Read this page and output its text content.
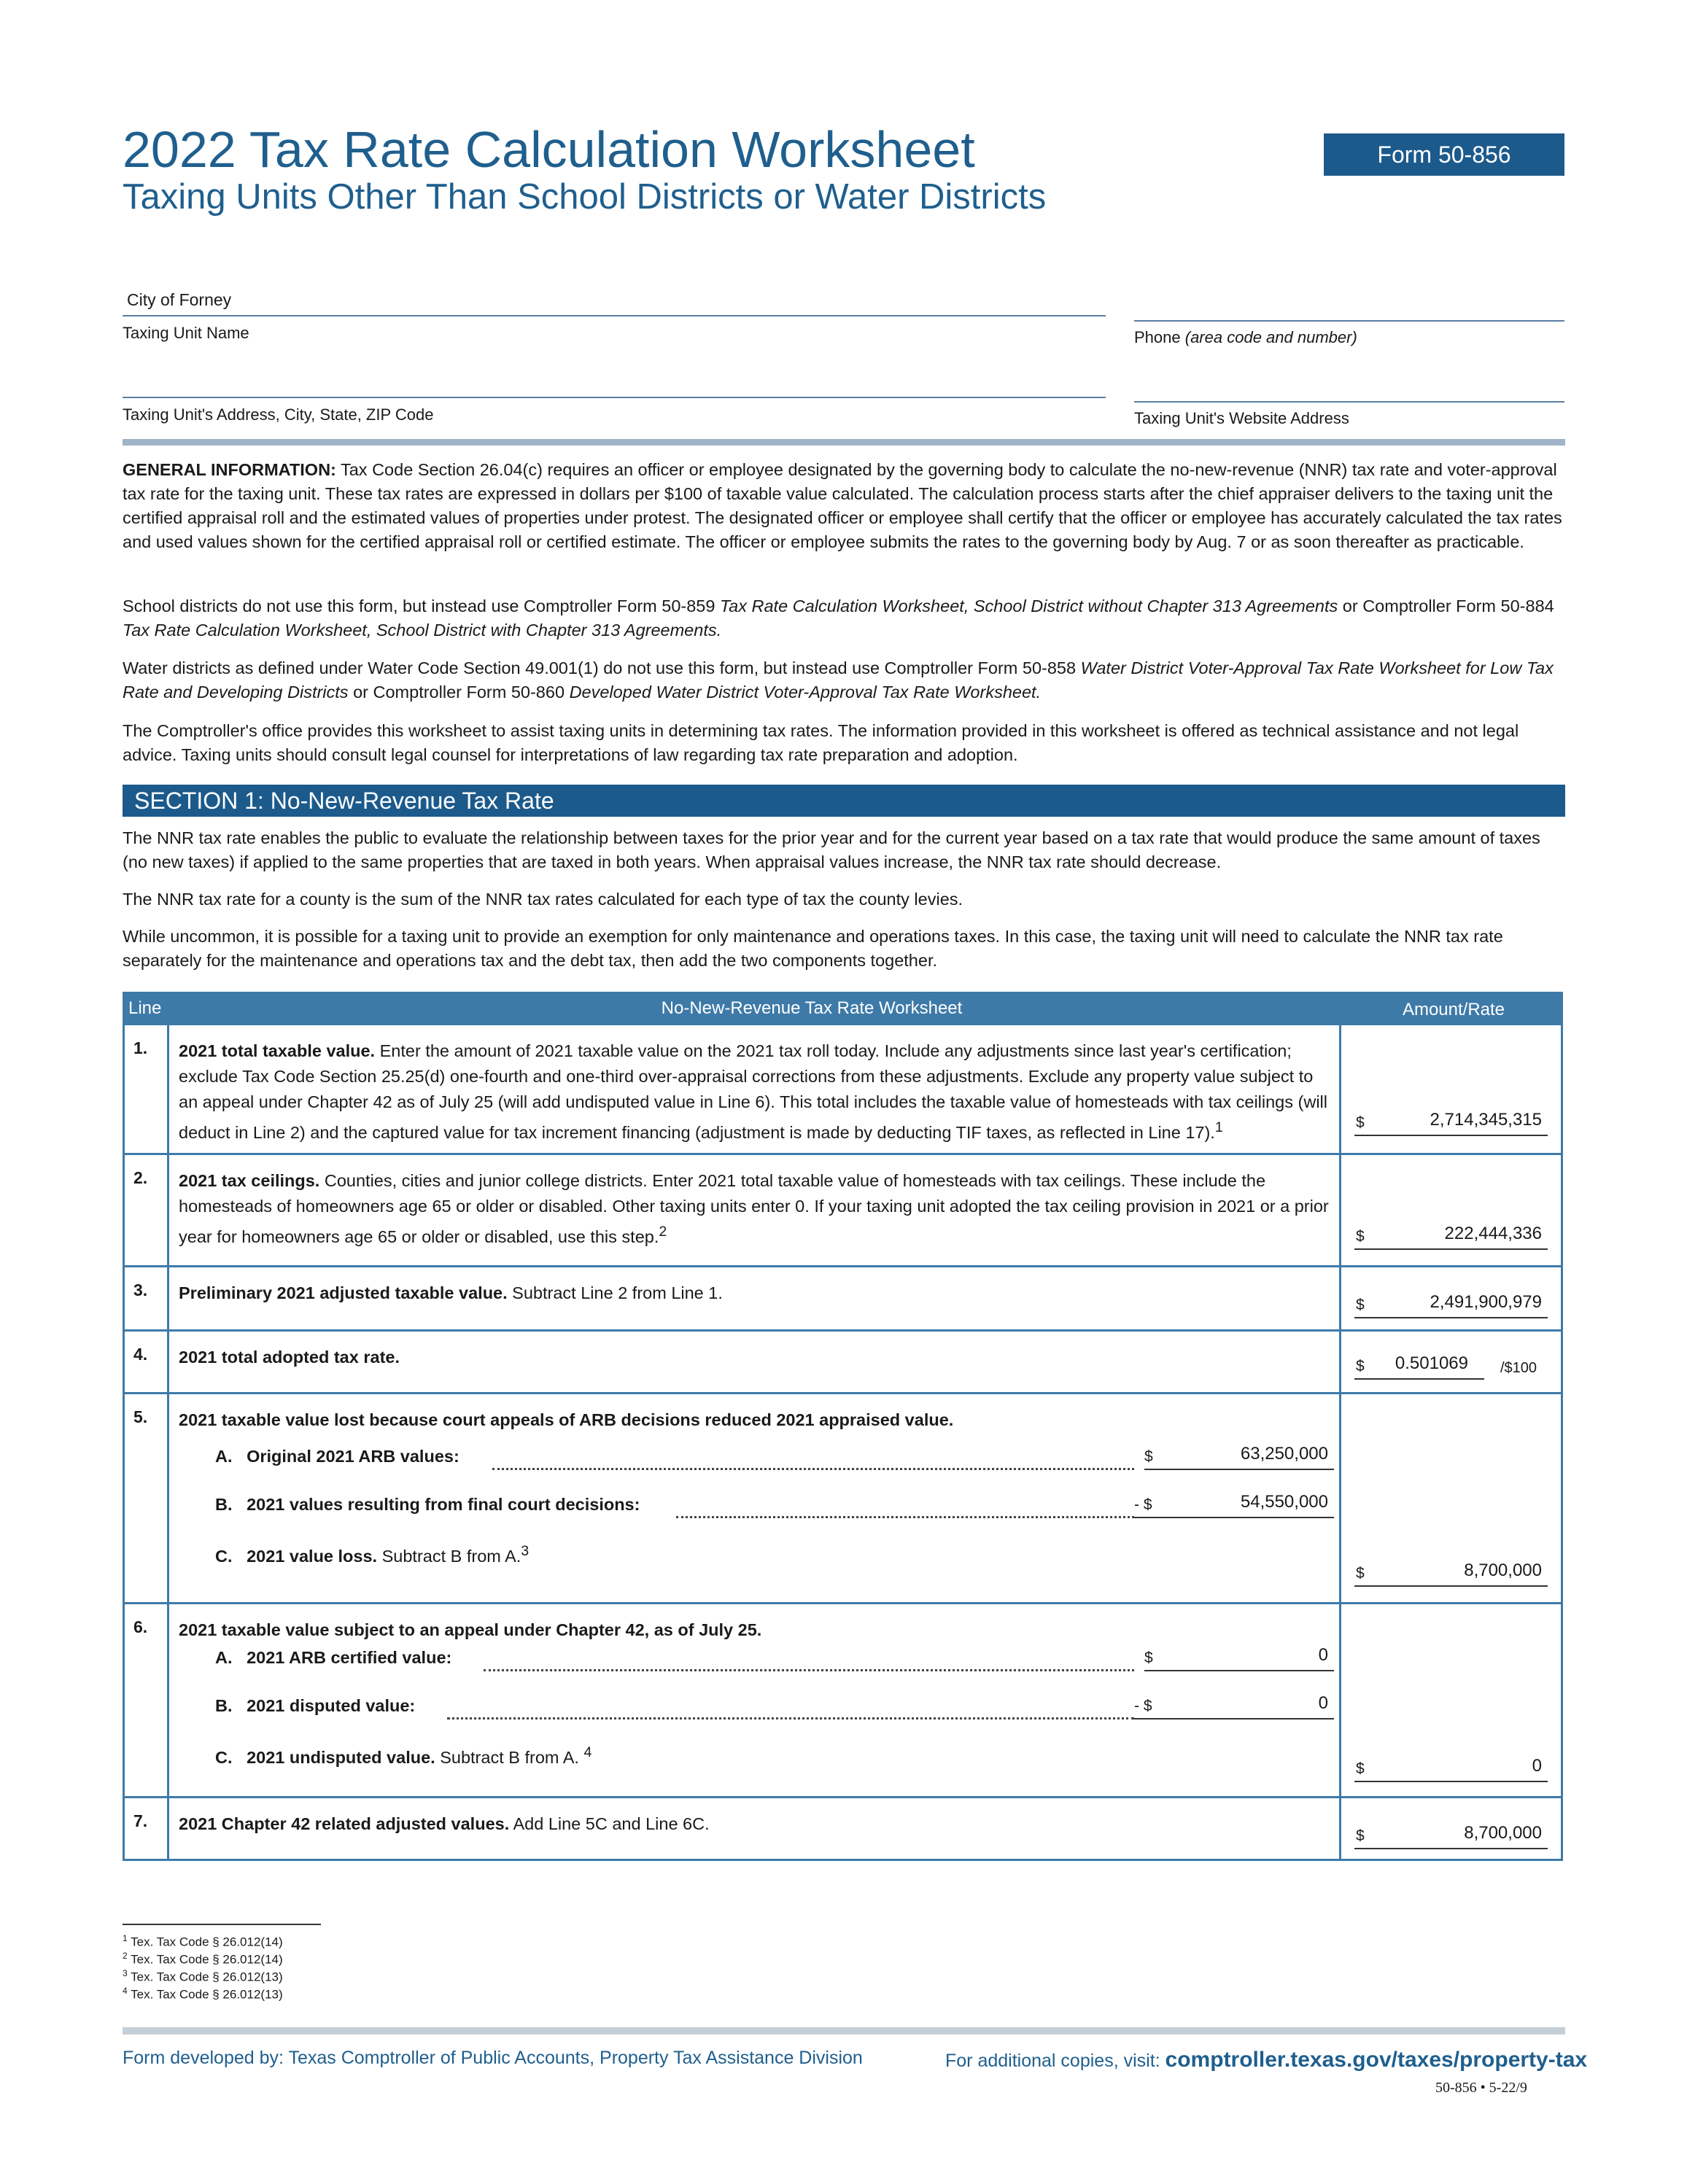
2022 Tax Rate Calculation Worksheet
Taxing Units Other Than School Districts or Water Districts
Form 50-856
City of Forney
Taxing Unit Name	Phone (area code and number)
Taxing Unit's Address, City, State, ZIP Code	Taxing Unit's Website Address
GENERAL INFORMATION: Tax Code Section 26.04(c) requires an officer or employee designated by the governing body to calculate the no-new-revenue (NNR) tax rate and voter-approval tax rate for the taxing unit. These tax rates are expressed in dollars per $100 of taxable value calculated. The calculation process starts after the chief appraiser delivers to the taxing unit the certified appraisal roll and the estimated values of properties under protest. The designated officer or employee shall certify that the officer or employee has accurately calculated the tax rates and used values shown for the certified appraisal roll or certified estimate. The officer or employee submits the rates to the governing body by Aug. 7 or as soon thereafter as practicable.
School districts do not use this form, but instead use Comptroller Form 50-859 Tax Rate Calculation Worksheet, School District without Chapter 313 Agreements or Comptroller Form 50-884 Tax Rate Calculation Worksheet, School District with Chapter 313 Agreements.
Water districts as defined under Water Code Section 49.001(1) do not use this form, but instead use Comptroller Form 50-858 Water District Voter-Approval Tax Rate Worksheet for Low Tax Rate and Developing Districts or Comptroller Form 50-860 Developed Water District Voter-Approval Tax Rate Worksheet.
The Comptroller's office provides this worksheet to assist taxing units in determining tax rates. The information provided in this worksheet is offered as technical assistance and not legal advice. Taxing units should consult legal counsel for interpretations of law regarding tax rate preparation and adoption.
SECTION 1: No-New-Revenue Tax Rate
The NNR tax rate enables the public to evaluate the relationship between taxes for the prior year and for the current year based on a tax rate that would produce the same amount of taxes (no new taxes) if applied to the same properties that are taxed in both years. When appraisal values increase, the NNR tax rate should decrease.
The NNR tax rate for a county is the sum of the NNR tax rates calculated for each type of tax the county levies.
While uncommon, it is possible for a taxing unit to provide an exemption for only maintenance and operations taxes. In this case, the taxing unit will need to calculate the NNR tax rate separately for the maintenance and operations tax and the debt tax, then add the two components together.
Line	No-New-Revenue Tax Rate Worksheet	Amount/Rate
1. 2021 total taxable value. Enter the amount of 2021 taxable value on the 2021 tax roll today. Include any adjustments since last year's certification; exclude Tax Code Section 25.25(d) one-fourth and one-third over-appraisal corrections from these adjustments. Exclude any property value subject to an appeal under Chapter 42 as of July 25 (will add undisputed value in Line 6). This total includes the taxable value of homesteads with tax ceilings (will deduct in Line 2) and the captured value for tax increment financing (adjustment is made by deducting TIF taxes, as reflected in Line 17).$^1$	$	2,714,345,315
2. 2021 tax ceilings. Counties, cities and junior college districts. Enter 2021 total taxable value of homesteads with tax ceilings. These include the homesteads of homeowners age 65 or older or disabled. Other taxing units enter 0. If your taxing unit adopted the tax ceiling provision in 2021 or a prior year for homeowners age 65 or older or disabled, use this step.$^2$	$	222,444,336
3. Preliminary 2021 adjusted taxable value. Subtract Line 2 from Line 1.
$	2,491,900,979
4. 2021 total adopted tax rate.	$ 0.501069 /$100
5. 2021 taxable value lost because court appeals of ARB decisions reduced 2021 appraised value.
A. Original 2021 ARB values:	$	63,250,000
B. 2021 values resulting from final court decisions:	- $	54,550,000
C. 2021 value loss. Subtract B from A.$^3$
$	8,700,000
6. 2021 taxable value subject to an appeal under Chapter 42, as of July 25.
A. 2021 ARB certified value:	$	0
B. 2021 disputed value:	- $	0
C. 2021 undisputed value. Subtract B from A. $^4$
$	0
7. 2021 Chapter 42 related adjusted values. Add Line 5C and Line 6C.
$	8,700,000
$^1$ Tex. Tax Code § 26.012(14)
$^2$ Tex. Tax Code § 26.012(14)
$^3$ Tex. Tax Code § 26.012(13)
$^4$ Tex. Tax Code § 26.012(13)
Form developed by: Texas Comptroller of Public Accounts, Property Tax Assistance Division	For additional copies, visit: comptroller.texas.gov/taxes/property-tax
50-856 • 5-22/9
